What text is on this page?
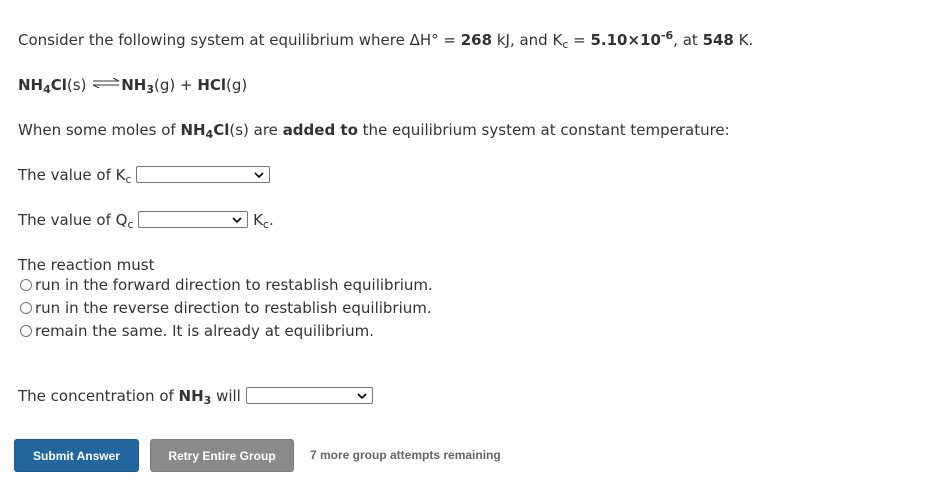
Consider the following system at equilibrium where ΔH° = 268 kJ, and $K_c = 5.10\times 10^{-6}$, at 548 K.
$NH_4Cl(s)$ $\rightleftharpoons NH_3(g) + HCl(g)$
When some moles of $NH_4Cl(s)$ are added to the equilibrium system at constant temperature:
The value of $K_c$
The value of $Q_c$	$K_c$.
The reaction must
run in the forward direction to restablish equilibrium.
run in the reverse direction to restablish equilibrium.
remain the same. It is already at equilibrium.
The concentration of $NH_3$ will
Submit Answer	Retry Entire Group	7 more group attempts remaining
